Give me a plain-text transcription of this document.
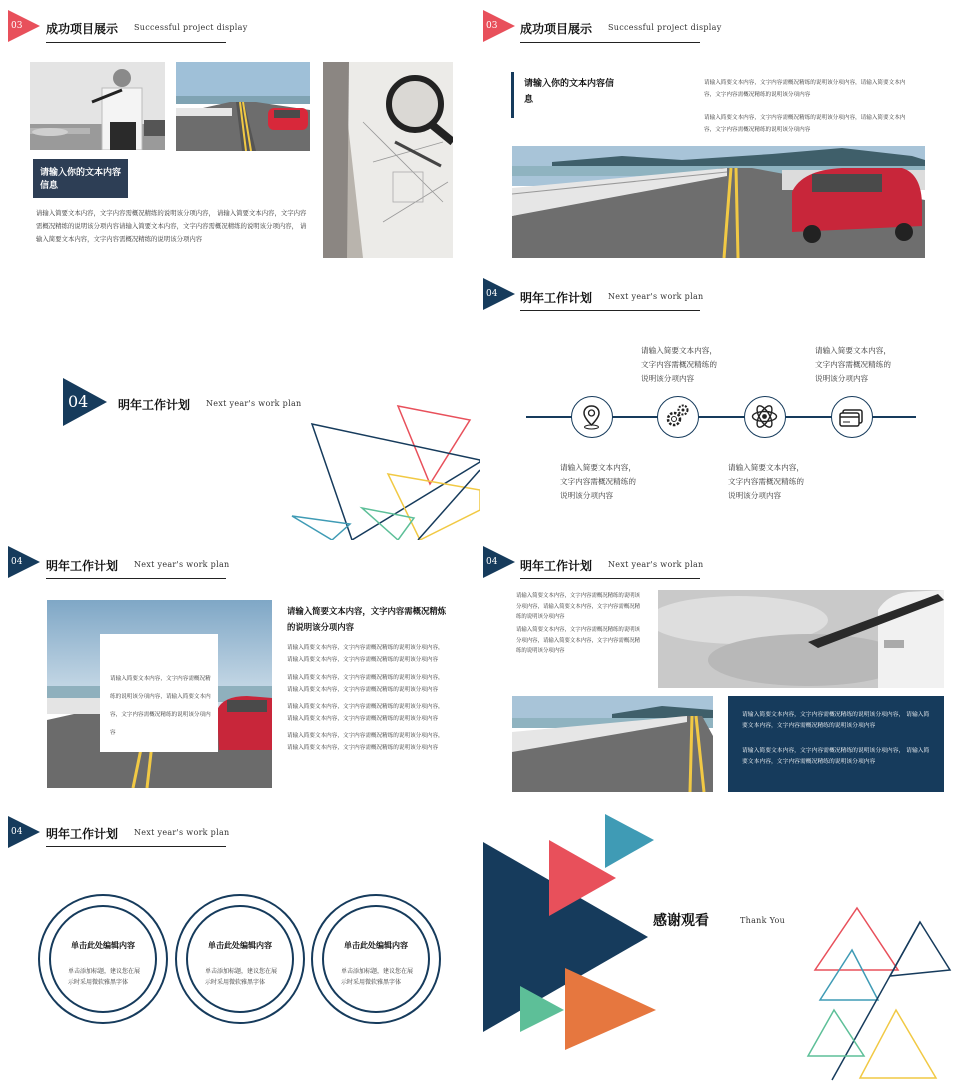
03 成功项目展示 Successful project display
请输入你的文本内容信息
请输入简要文本内容，文字内容需概况精练的说明该分项内容， 请输入简要文本内容，文字内容需概况精练的说明该分项内容请输入简要文本内容，文字内容需概况精练的说明该分项内容， 请输入简要文本内容，文字内容需概况精练的说明该分项内容
03 成功项目展示 Successful project display
请输入你的文本内容信息
请输入简要文本内容，文字内容需概况精练的说明该分项内容，请输入简要文本内容，文字内容需概况精练的说明该分项内容
请输入简要文本内容，文字内容需概况精练的说明该分项内容，请输入简要文本内容，文字内容需概况精练的说明该分项内容
04 明年工作计划 Next year's work plan
04 明年工作计划 Next year's work plan
请输入简要文本内容，文字内容需概况精练的说明该分项内容
请输入简要文本内容，文字内容需概况精练的说明该分项内容
请输入简要文本内容，文字内容需概况精练的说明该分项内容
请输入简要文本内容，文字内容需概况精练的说明该分项内容
04 明年工作计划 Next year's work plan
请输入简要文本内容，文字内容需概况精练的说明该分项内容，请输入简要文本内容，文字内容需概况精练的说明该分项内容
请输入简要文本内容，文字内容需概况精炼的说明该分项内容
请输入简要文本内容，文字内容需概况精练的说明该分项内容，请输入简要文本内容，文字内容需概况精练的说明该分项内容
请输入简要文本内容，文字内容需概况精练的说明该分项内容，请输入简要文本内容，文字内容需概况精练的说明该分项内容
请输入简要文本内容，文字内容需概况精练的说明该分项内容，请输入简要文本内容，文字内容需概况精练的说明该分项内容
请输入简要文本内容，文字内容需概况精练的说明该分项内容，请输入简要文本内容，文字内容需概况精练的说明该分项内容
04 明年工作计划 Next year's work plan
请输入简要文本内容，文字内容需概况精练的说明该分项内容，请输入简要文本内容，文字内容需概况精练的说明该分项内容
请输入简要文本内容，文字内容需概况精练的说明该分项内容，请输入简要文本内容，文字内容需概况精练的说明该分项内容
请输入简要文本内容，文字内容需概况精练的说明该分项内容， 请输入简要文本内容，文字内容需概况精练的说明该分项内容
请输入简要文本内容，文字内容需概况精练的说明该分项内容， 请输入简要文本内容，文字内容需概况精练的说明该分项内容
04 明年工作计划 Next year's work plan
单击此处编辑内容
单击添加标题，建议您在展示时采用微软雅黑字体
单击此处编辑内容
单击添加标题，建议您在展示时采用微软雅黑字体
单击此处编辑内容
单击添加标题，建议您在展示时采用微软雅黑字体
感谢观看	Thank You
